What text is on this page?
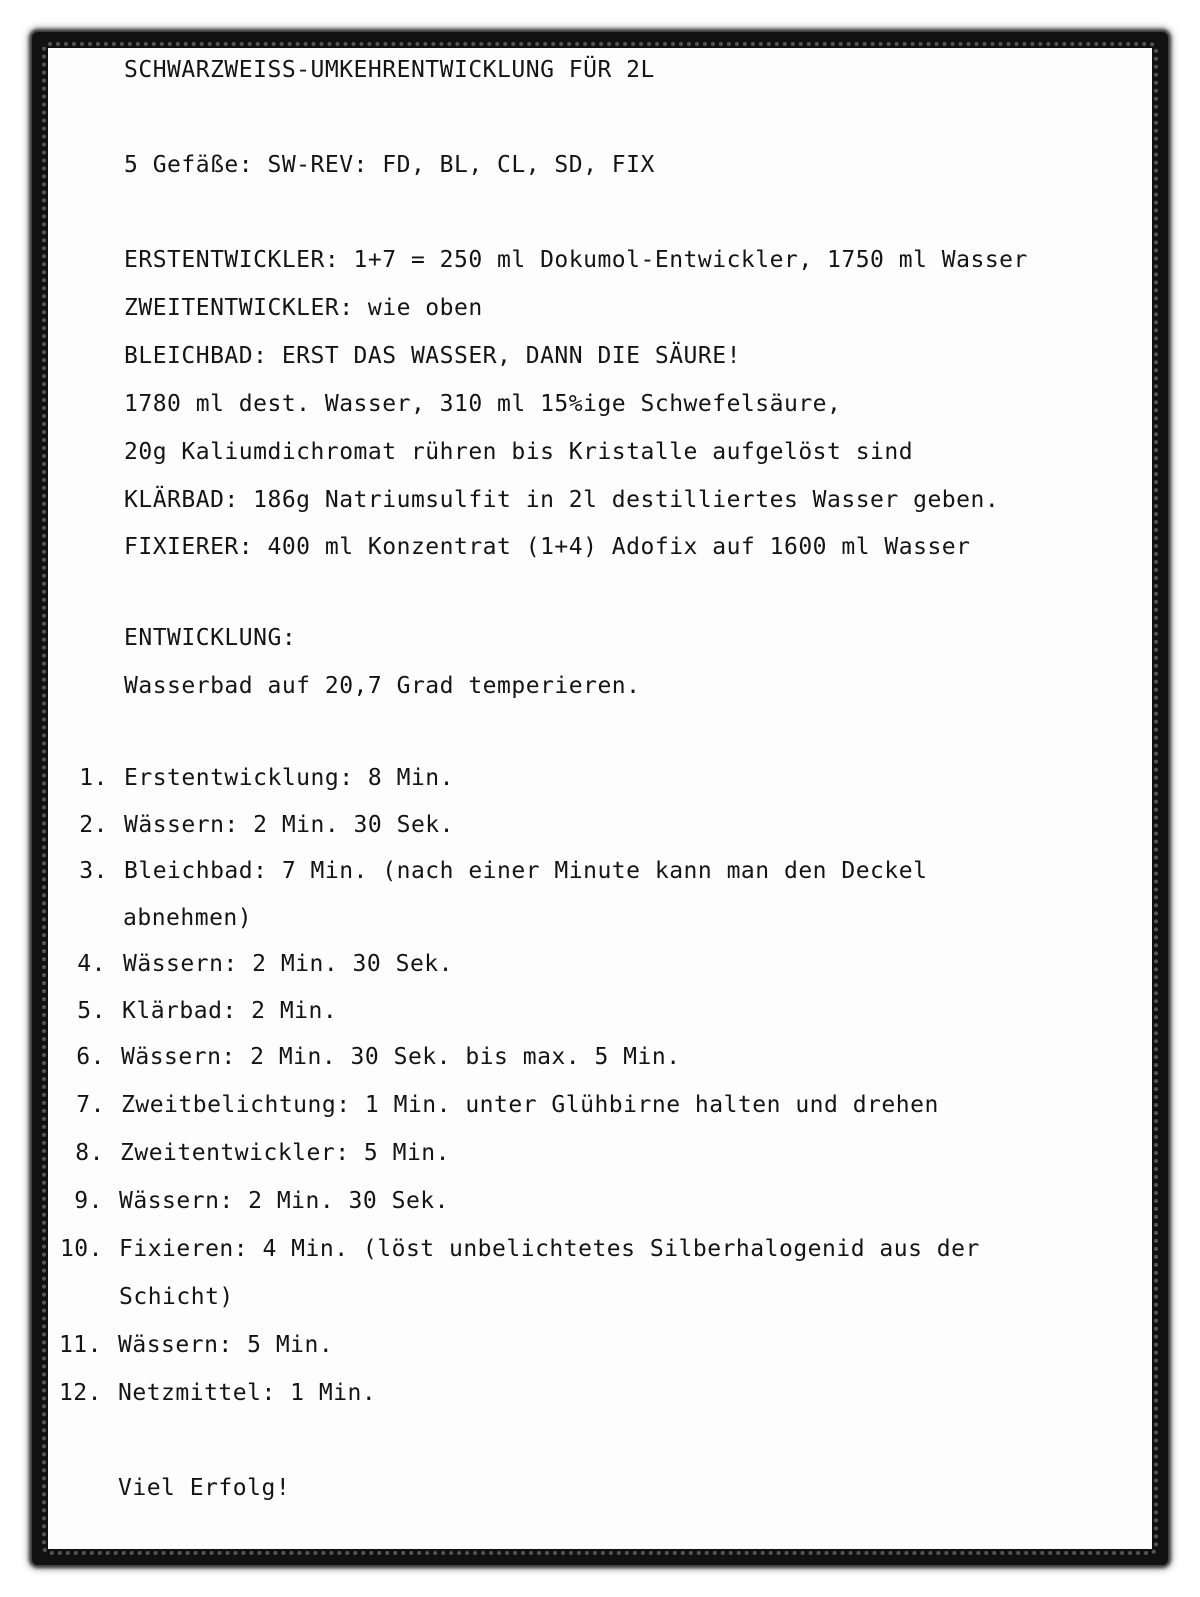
SCHWARZWEISS-UMKEHRENTWICKLUNG FÜR 2L
5 Gefäße: SW-REV: FD, BL, CL, SD, FIX
ERSTENTWICKLER: 1+7 = 250 ml Dokumol-Entwickler, 1750 ml Wasser
ZWEITENTWICKLER: wie oben
BLEICHBAD: ERST DAS WASSER, DANN DIE SÄURE!
1780 ml dest. Wasser, 310 ml 15%ige Schwefelsäure,
20g Kaliumdichromat rühren bis Kristalle aufgelöst sind
KLÄRBAD: 186g Natriumsulfit in 2l destilliertes Wasser geben.
FIXIERER: 400 ml Konzentrat (1+4) Adofix auf 1600 ml Wasser
ENTWICKLUNG:
Wasserbad auf 20,7 Grad temperieren.
1. Erstentwicklung: 8 Min.
2. Wässern: 2 Min. 30 Sek.
3. Bleichbad: 7 Min. (nach einer Minute kann man den Deckel
abnehmen)
4. Wässern: 2 Min. 30 Sek.
5. Klärbad: 2 Min.
6. Wässern: 2 Min. 30 Sek. bis max. 5 Min.
7. Zweitbelichtung: 1 Min. unter Glühbirne halten und drehen
8. Zweitentwickler: 5 Min.
9. Wässern: 2 Min. 30 Sek.
10. Fixieren: 4 Min. (löst unbelichtetes Silberhalogenid aus der
Schicht)
11. Wässern: 5 Min.
12. Netzmittel: 1 Min.
Viel Erfolg!
